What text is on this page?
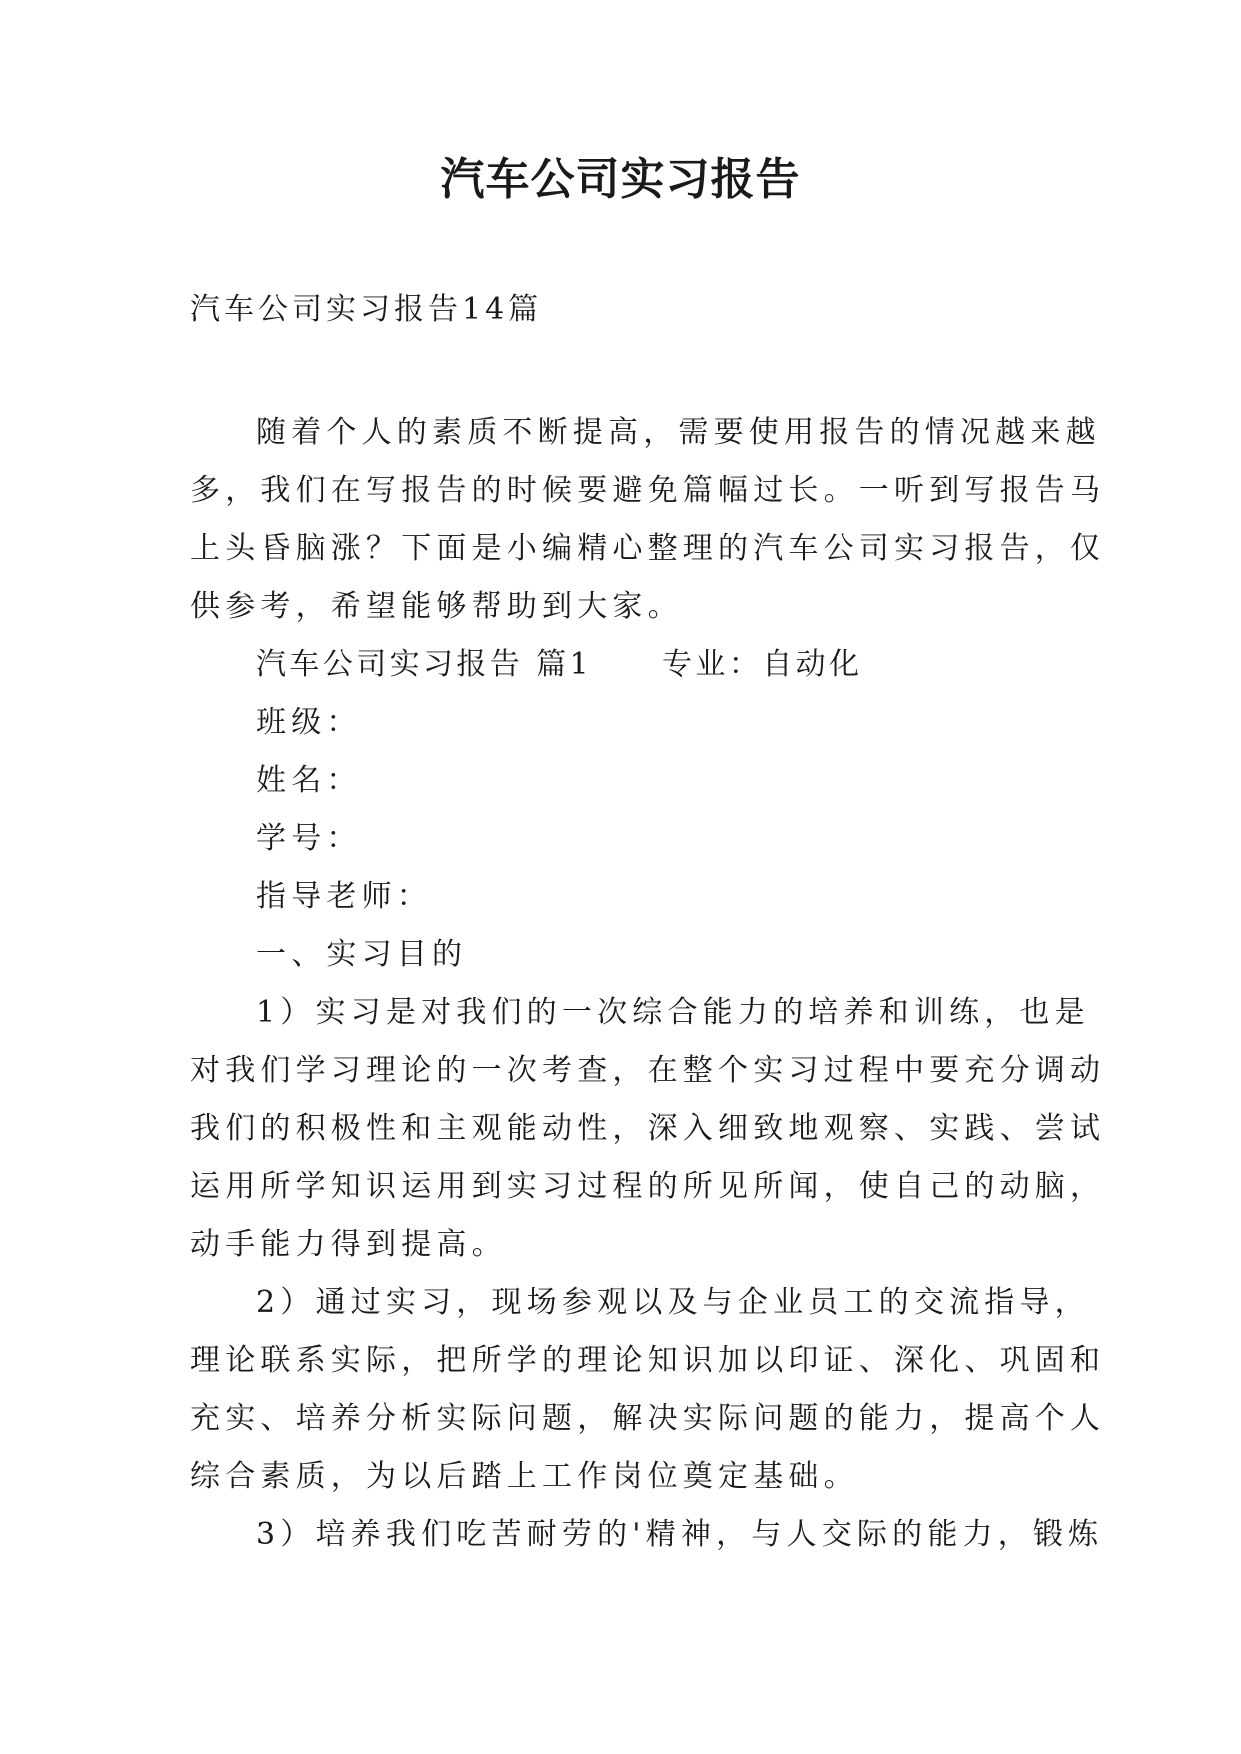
汽车公司实习报告
汽车公司实习报告14篇
随着个人的素质不断提高，需要使用报告的情况越来越
多，我们在写报告的时候要避免篇幅过长。一听到写报告马
上头昏脑涨？下面是小编精心整理的汽车公司实习报告，仅
供参考，希望能够帮助到大家。
汽车公司实习报告 篇1 专业：自动化
班级：
姓名：
学号：
指导老师：
一、实习目的
1）实习是对我们的一次综合能力的培养和训练，也是
对我们学习理论的一次考查，在整个实习过程中要充分调动
我们的积极性和主观能动性，深入细致地观察、实践、尝试
运用所学知识运用到实习过程的所见所闻，使自己的动脑，
动手能力得到提高。
2）通过实习，现场参观以及与企业员工的交流指导，
理论联系实际，把所学的理论知识加以印证、深化、巩固和
充实、培养分析实际问题，解决实际问题的能力，提高个人
综合素质，为以后踏上工作岗位奠定基础。
3）培养我们吃苦耐劳的'精神，与人交际的能力，锻炼
